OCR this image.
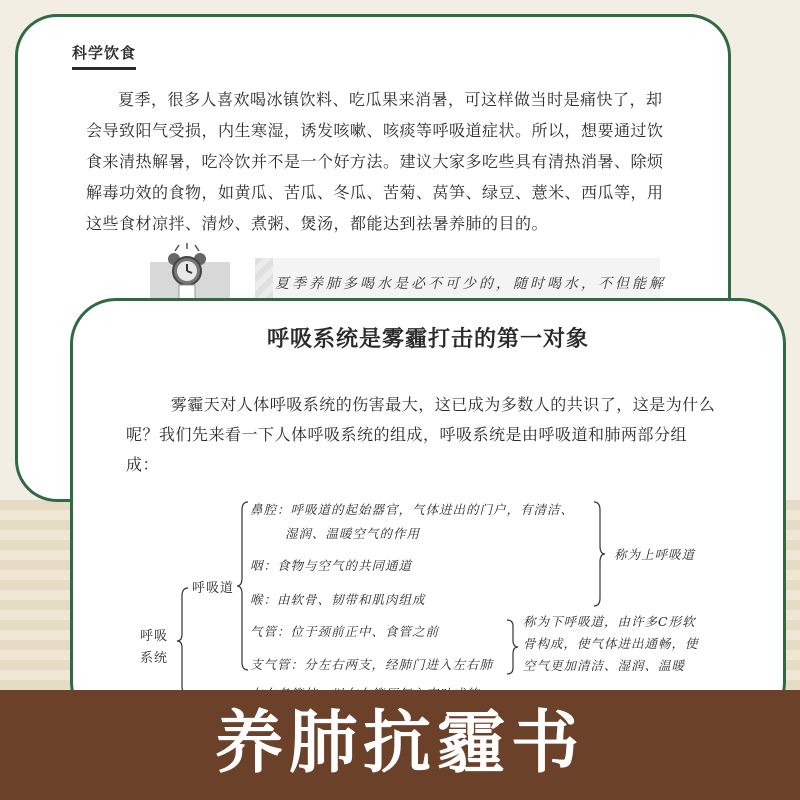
科学饮食

夏季，很多人喜欢喝冰镇饮料、吃瓜果来消暑，可这样做当时是痛快了，却会导致阳气受损，内生寒湿，诱发咳嗽、咳痰等呼吸道症状。所以，想要通过饮食来清热解暑，吃冷饮并不是一个好方法。建议大家多吃些具有清热消暑、除烦解毒功效的食物，如黄瓜、苦瓜、冬瓜、苦菊、莴笋、绿豆、薏米、西瓜等，用这些食材凉拌、清炒、煮粥、煲汤，都能达到祛暑养肺的目的。

夏季养肺多喝水是必不可少的，随时喝水，不但能解
呼吸系统是雾霾打击的第一对象

雾霾天对人体呼吸系统的伤害最大，这已成为多数人的共识了，这是为什么呢？我们先来看一下人体呼吸系统的组成，呼吸系统是由呼吸道和肺两部分组成：

呼吸
系统
呼吸道
鼻腔：呼吸道的起始器官，气体进出的门户，有清洁、
湿润、温暖空气的作用
咽：食物与空气的共同通道
喉：由软骨、韧带和肌肉组成
称为上呼吸道
气管：位于颈前正中、食管之前
支气管：分左右两支，经肺门进入左右肺
称为下呼吸道，由许多C形软
骨构成，使气体进出通畅，使
空气更加清洁、湿润、温暖
养肺抗霾书
